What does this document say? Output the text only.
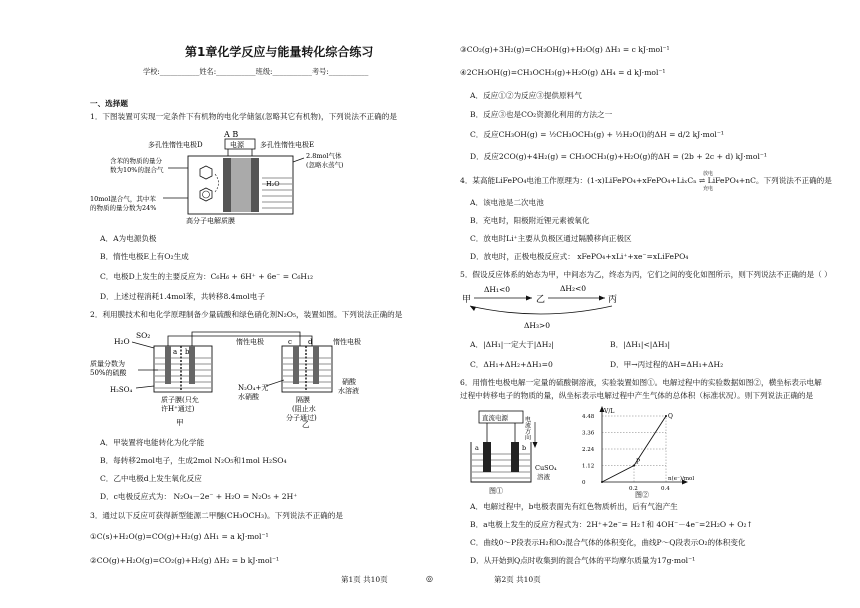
第1章化学反应与能量转化综合练习
学校:___________姓名:___________班级:___________考号:___________
一、选择题
1．下图装置可实现一定条件下有机物的电化学储氢(忽略其它有机物)，下列说法不正确的是
A B
电源
多孔性惰性电极D	多孔性惰性电极E
H₂O
含苯的物质的量分
数为10%的混合气
10mol混合气，其中苯
的物质的量分数为24%
2.8mol气体
(忽略水蒸气)
高分子电解质膜
A．A为电源负极
B．惰性电极E上有O₂生成
C．电极D上发生的主要反应为：C₆H₆ + 6H⁺ + 6e⁻ = C₆H₁₂
D．上述过程消耗1.4mol苯，共转移8.4mol电子
2．利用膜技术和电化学原理制备少量硫酸和绿色硝化剂N₂O₅，装置如图。下列说法正确的是
a b
H₂O
SO₂
质量分数为
50%的硫酸
H₂SO₄
质子膜(只允
许H⁺通过)
甲
c d
惰性电极	惰性电极
N₂O₄+无
水硝酸	隔膜
(阻止水
分子通过)
硝酸
水溶液
乙
A．甲装置将电能转化为化学能
B．每转移2mol电子，生成2mol N₂O₅和1mol H₂SO₄
C．乙中电极d上发生氧化反应
D．c电极反应式为： N₂O₄－2e⁻ + H₂O = N₂O₅ + 2H⁺
3．通过以下反应可获得新型能源二甲醚(CH₃OCH₃)。下列说法不正确的是
①C(s)+H₂O(g)=CO(g)+H₂(g) ΔH₁ = a kJ·mol⁻¹
②CO(g)+H₂O(g)=CO₂(g)+H₂(g) ΔH₂ = b kJ·mol⁻¹
第1页 共10页	◎
③CO₂(g)+3H₂(g)=CH₃OH(g)+H₂O(g) ΔH₃ = c kJ·mol⁻¹
④2CH₃OH(g)=CH₃OCH₃(g)+H₂O(g) ΔH₄ = d kJ·mol⁻¹
A．反应①②为反应③提供原料气
B．反应③也是CO₂资源化利用的方法之一
C．反应CH₃OH(g) = ½CH₃OCH₃(g) + ½H₂O(l)的ΔH = d/2 kJ·mol⁻¹
D．反应2CO(g)+4H₂(g) = CH₃OCH₃(g)+H₂O(g)的ΔH = (2b + 2c + d) kJ·mol⁻¹
4．某高能LiFePO₄电池工作原理为：(1-x)LiFePO₄+xFePO₄+LiₓCₙ ⇌ LiFePO₄+nC。下列说法不正确的是
放电
充电
A．该电池是二次电池
B．充电时，阳极附近锂元素被氧化
C．放电时Li⁺主要从负极区通过隔膜移向正极区
D．放电时，正极电极反应式： xFePO₄+xLi⁺+xe⁻=xLiFePO₄
5．假设反应体系的始态为甲，中间态为乙，终态为丙，它们之间的变化如图所示，则下列说法不正确的是（ ）
甲	乙	丙
ΔH₁<0	ΔH₂<0
ΔH₃>0
A．|ΔH₁|一定大于|ΔH₂|	B．|ΔH₁|<|ΔH₃|
C．ΔH₁+ΔH₂+ΔH₃=0	D．甲→丙过程的ΔH=ΔH₁+ΔH₂
6．用惰性电极电解一定量的硫酸铜溶液，实验装置如图①。电解过程中的实验数据如图②，横坐标表示电解
过程中转移电子的物质的量，纵坐标表示电解过程中产生气体的总体积（标准状况）。则下列说法正确的是
直流电源	电流方向
a	b
CuSO₄
溶液
图①
V/L
n(e⁻)/mol
4.48
3.36
2.24
1.12
0
0.2	0.4
P
Q
图②
A．电解过程中，b电极表面先有红色物质析出，后有气泡产生
B．a电极上发生的反应方程式为：2H⁺+2e⁻= H₂↑和 4OH⁻－4e⁻=2H₂O + O₂↑
C．曲线0～P段表示H₂和O₂混合气体的体积变化，曲线P～Q段表示O₂的体积变化
D．从开始到Q点时收集到的混合气体的平均摩尔质量为17g·mol⁻¹
第2页 共10页
